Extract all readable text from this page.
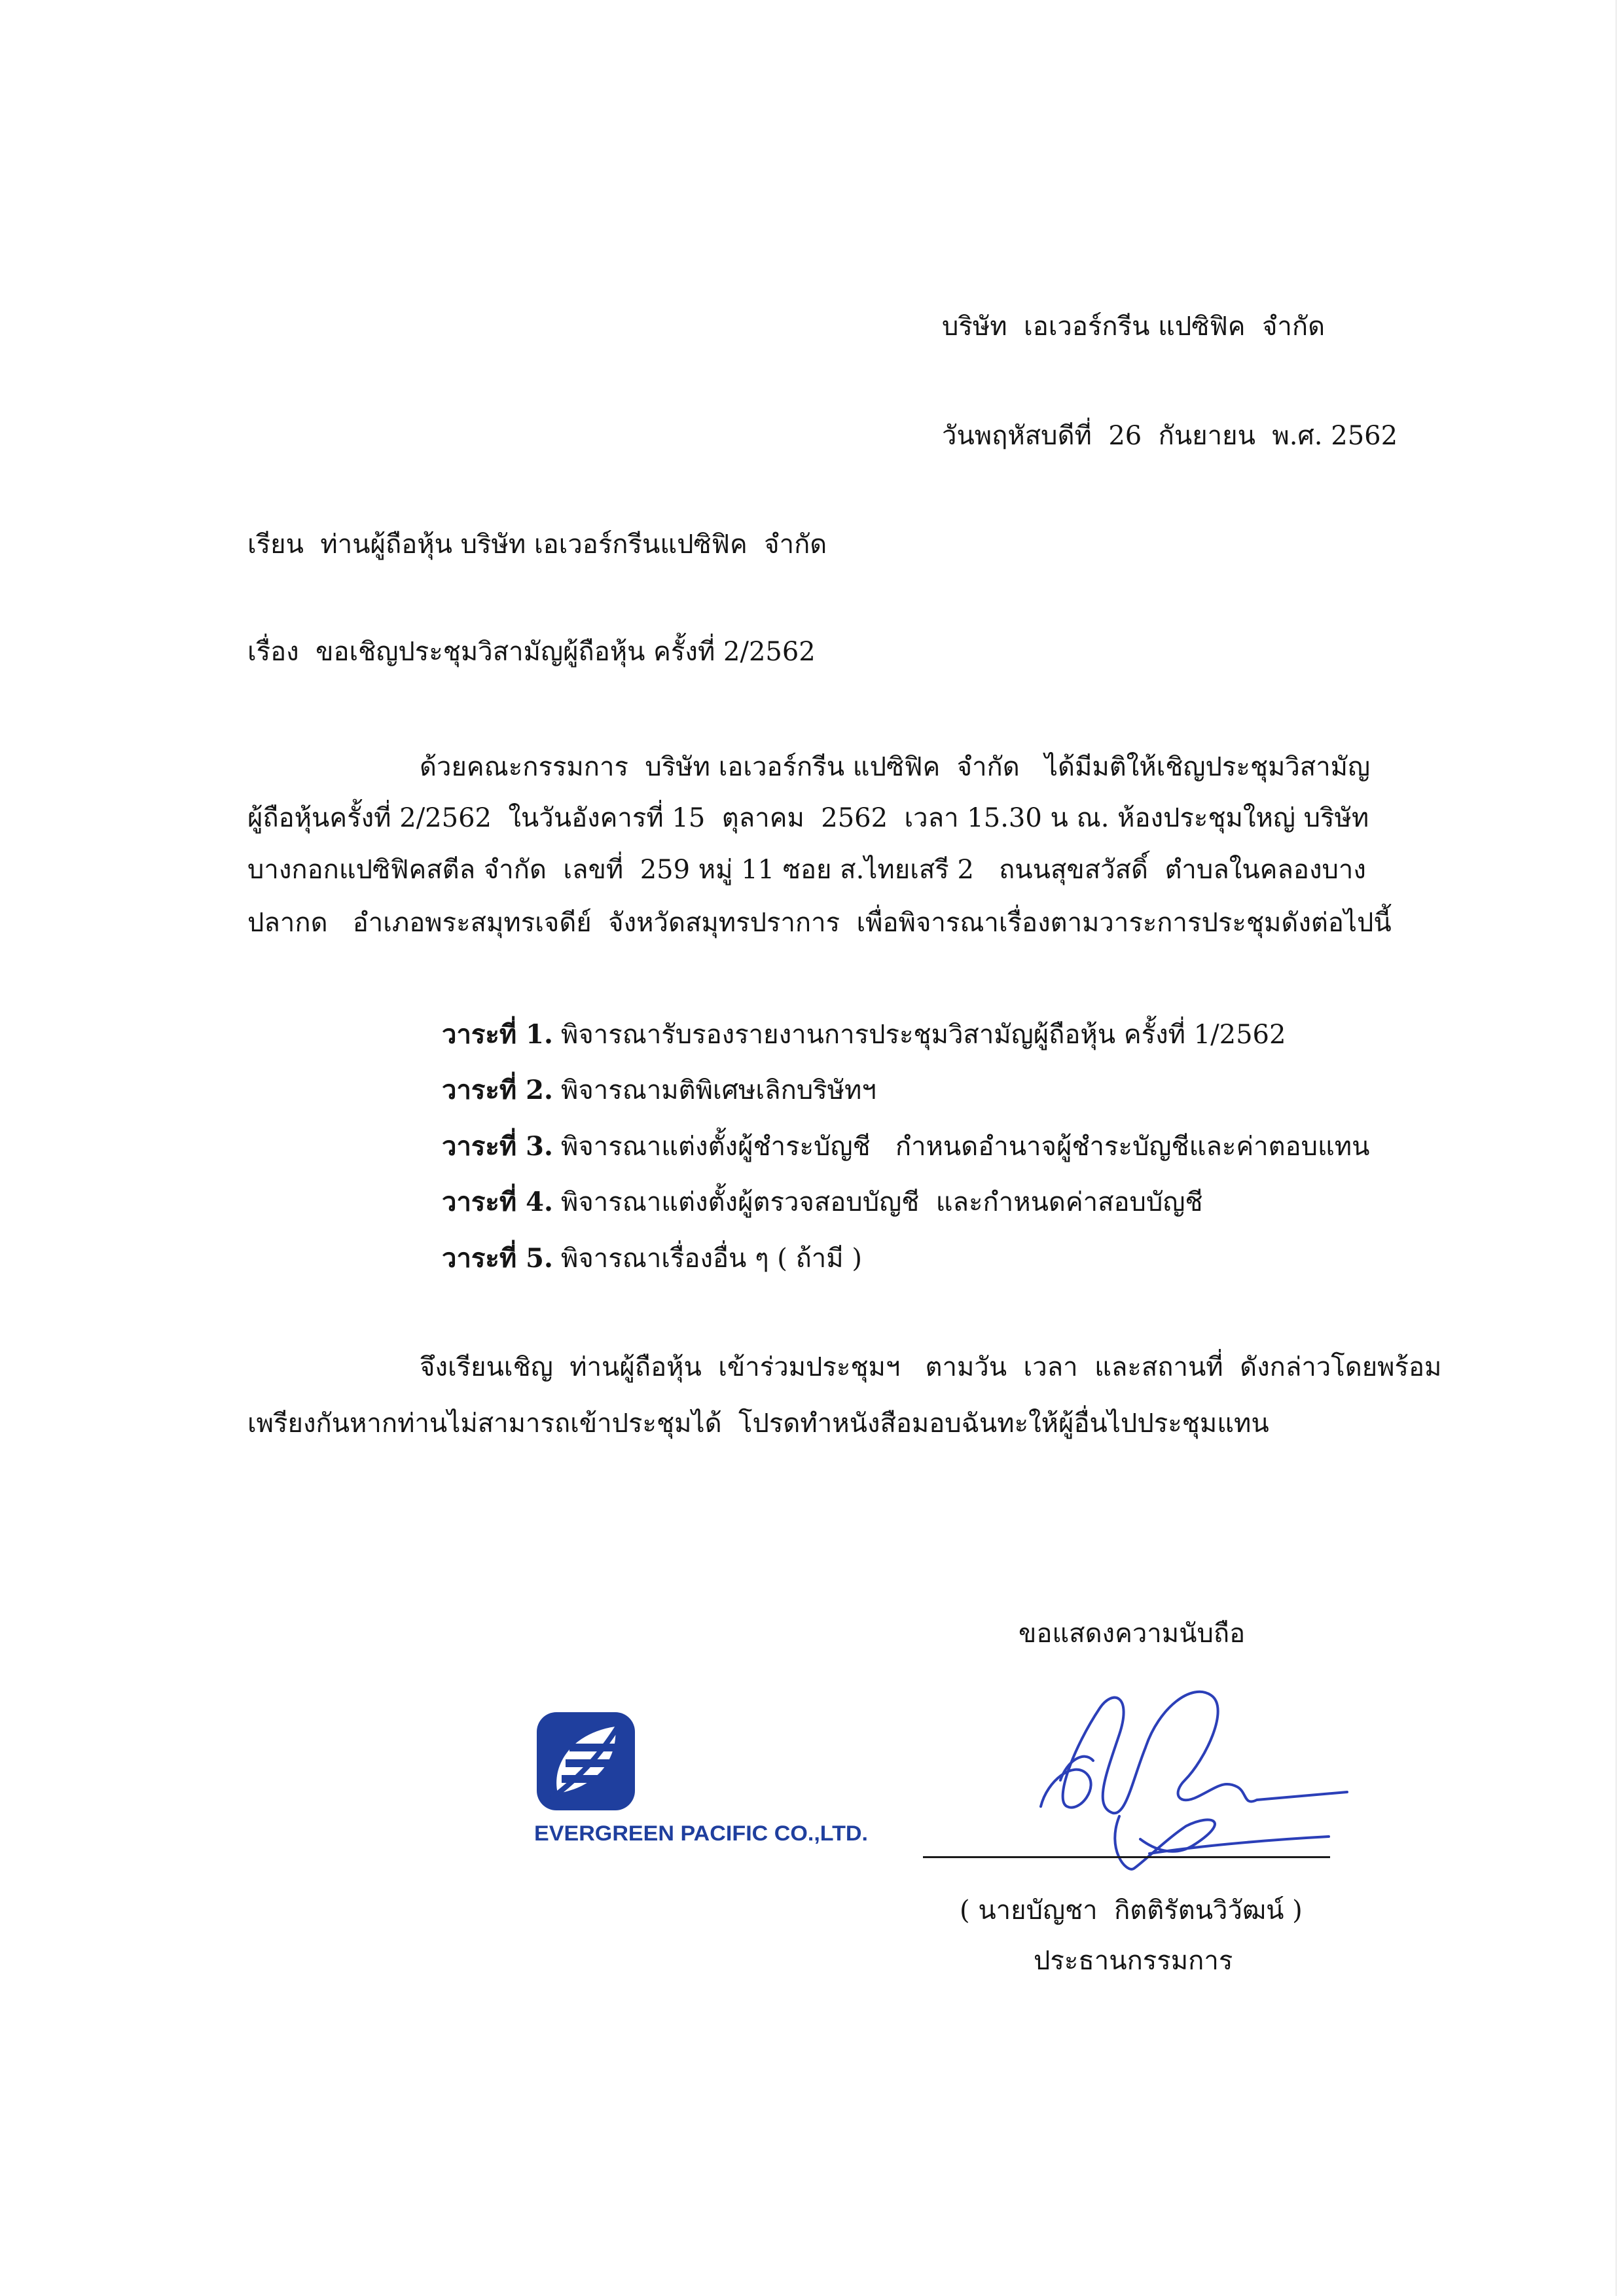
บริษัท  เอเวอร์กรีน แปซิฟิค  จำกัด
วันพฤหัสบดีที่  26  กันยายน  พ.ศ. 2562
เรียน  ท่านผู้ถือหุ้น บริษัท เอเวอร์กรีนแปซิฟิค  จำกัด
เรื่อง  ขอเชิญประชุมวิสามัญผู้ถือหุ้น ครั้งที่ 2/2562
ด้วยคณะกรรมการ  บริษัท เอเวอร์กรีน แปซิฟิค  จำกัด   ได้มีมติให้เชิญประชุมวิสามัญ
ผู้ถือหุ้นครั้งที่ 2/2562  ในวันอังคารที่ 15  ตุลาคม  2562  เวลา 15.30 น ณ. ห้องประชุมใหญ่ บริษัท
บางกอกแปซิฟิคสตีล จำกัด  เลขที่  259 หมู่ 11 ซอย ส.ไทยเสรี 2   ถนนสุขสวัสดิ์  ตำบลในคลองบาง
ปลากด   อำเภอพระสมุทรเจดีย์  จังหวัดสมุทรปราการ  เพื่อพิจารณาเรื่องตามวาระการประชุมดังต่อไปนี้
วาระที่ 1. พิจารณารับรองรายงานการประชุมวิสามัญผู้ถือหุ้น ครั้งที่ 1/2562
วาระที่ 2. พิจารณามติพิเศษเลิกบริษัทฯ
วาระที่ 3. พิจารณาแต่งตั้งผู้ชำระบัญชี   กำหนดอำนาจผู้ชำระบัญชีและค่าตอบแทน
วาระที่ 4. พิจารณาแต่งตั้งผู้ตรวจสอบบัญชี  และกำหนดค่าสอบบัญชี
วาระที่ 5. พิจารณาเรื่องอื่น ๆ ( ถ้ามี )
จึงเรียนเชิญ  ท่านผู้ถือหุ้น  เข้าร่วมประชุมฯ   ตามวัน  เวลา  และสถานที่  ดังกล่าวโดยพร้อม
เพรียงกันหากท่านไม่สามารถเข้าประชุมได้  โปรดทำหนังสือมอบฉันทะให้ผู้อื่นไปประชุมแทน
ขอแสดงความนับถือ
EVERGREEN PACIFIC CO.,LTD.
( นายบัญชา  กิตติรัตนวิวัฒน์ )
ประธานกรรมการ
